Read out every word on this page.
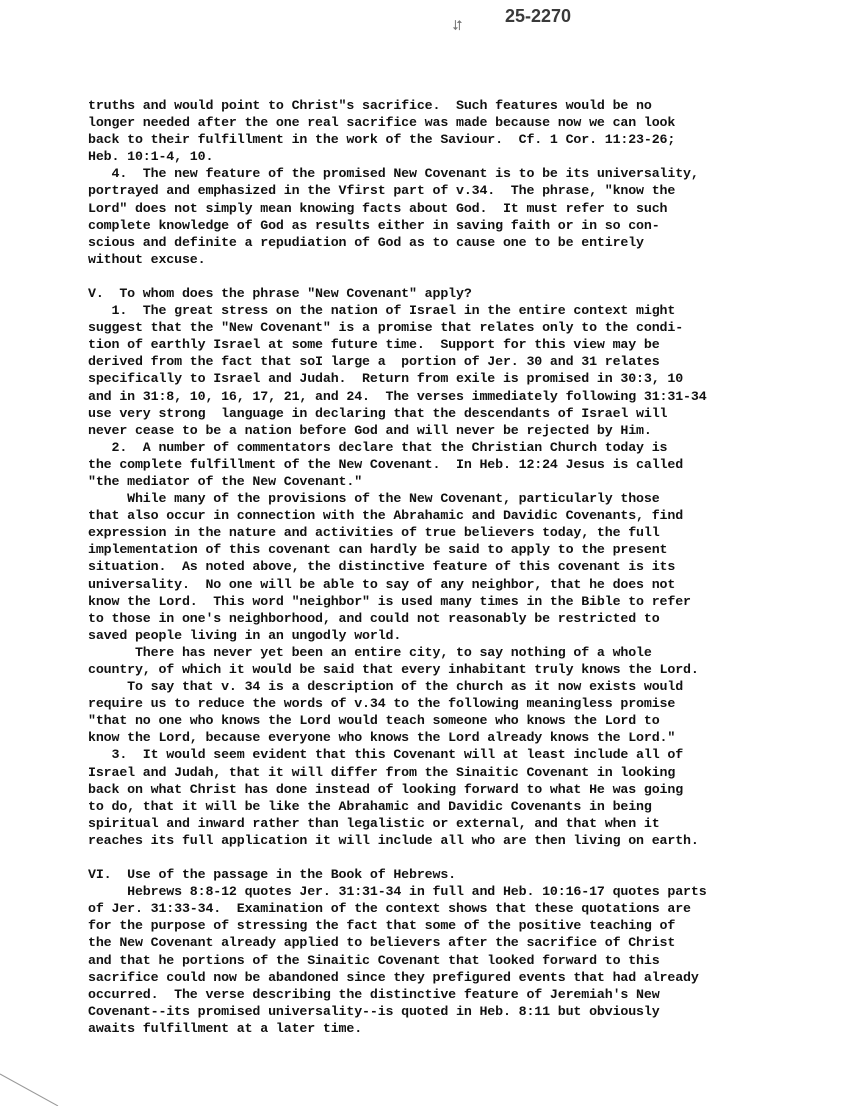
⮃ 25-2270
truths and would point to Christ"s sacrifice.  Such features would be no
longer needed after the one real sacrifice was made because now we can look
back to their fulfillment in the work of the Saviour.  Cf. 1 Cor. 11:23-26;
Heb. 10:1-4, 10.
4.  The new feature of the promised New Covenant is to be its universality,
portrayed and emphasized in the Vfirst part of v.34.  The phrase, "know the
Lord" does not simply mean knowing facts about God.  It must refer to such
complete knowledge of God as results either in saving faith or in so con-
scious and definite a repudiation of God as to cause one to be entirely
without excuse.
V.  To whom does the phrase "New Covenant" apply?
1.  The great stress on the nation of Israel in the entire context might
suggest that the "New Covenant" is a promise that relates only to the condi-
tion of earthly Israel at some future time.  Support for this view may be
derived from the fact that soI large a  portion of Jer. 30 and 31 relates
specifically to Israel and Judah.  Return from exile is promised in 30:3, 10
and in 31:8, 10, 16, 17, 21, and 24.  The verses immediately following 31:31-34
use very strong  language in declaring that the descendants of Israel will
never cease to be a nation before God and will never be rejected by Him.
2.  A number of commentators declare that the Christian Church today is
the complete fulfillment of the New Covenant.  In Heb. 12:24 Jesus is called
"the mediator of the New Covenant."
While many of the provisions of the New Covenant, particularly those
that also occur in connection with the Abrahamic and Davidic Covenants, find
expression in the nature and activities of true believers today, the full
implementation of this covenant can hardly be said to apply to the present
situation.  As noted above, the distinctive feature of this covenant is its
universality.  No one will be able to say of any neighbor, that he does not
know the Lord.  This word "neighbor" is used many times in the Bible to refer
to those in one's neighborhood, and could not reasonably be restricted to
saved people living in an ungodly world.
There has never yet been an entire city, to say nothing of a whole
country, of which it would be said that every inhabitant truly knows the Lord.
To say that v. 34 is a description of the church as it now exists would
require us to reduce the words of v.34 to the following meaningless promise
"that no one who knows the Lord would teach someone who knows the Lord to
know the Lord, because everyone who knows the Lord already knows the Lord."
3.  It would seem evident that this Covenant will at least include all of
Israel and Judah, that it will differ from the Sinaitic Covenant in looking
back on what Christ has done instead of looking forward to what He was going
to do, that it will be like the Abrahamic and Davidic Covenants in being
spiritual and inward rather than legalistic or external, and that when it
reaches its full application it will include all who are then living on earth.
VI.  Use of the passage in the Book of Hebrews.
Hebrews 8:8-12 quotes Jer. 31:31-34 in full and Heb. 10:16-17 quotes parts
of Jer. 31:33-34.  Examination of the context shows that these quotations are
for the purpose of stressing the fact that some of the positive teaching of
the New Covenant already applied to believers after the sacrifice of Christ
and that he portions of the Sinaitic Covenant that looked forward to this
sacrifice could now be abandoned since they prefigured events that had already
occurred.  The verse describing the distinctive feature of Jeremiah's New
Covenant--its promised universality--is quoted in Heb. 8:11 but obviously
awaits fulfillment at a later time.
